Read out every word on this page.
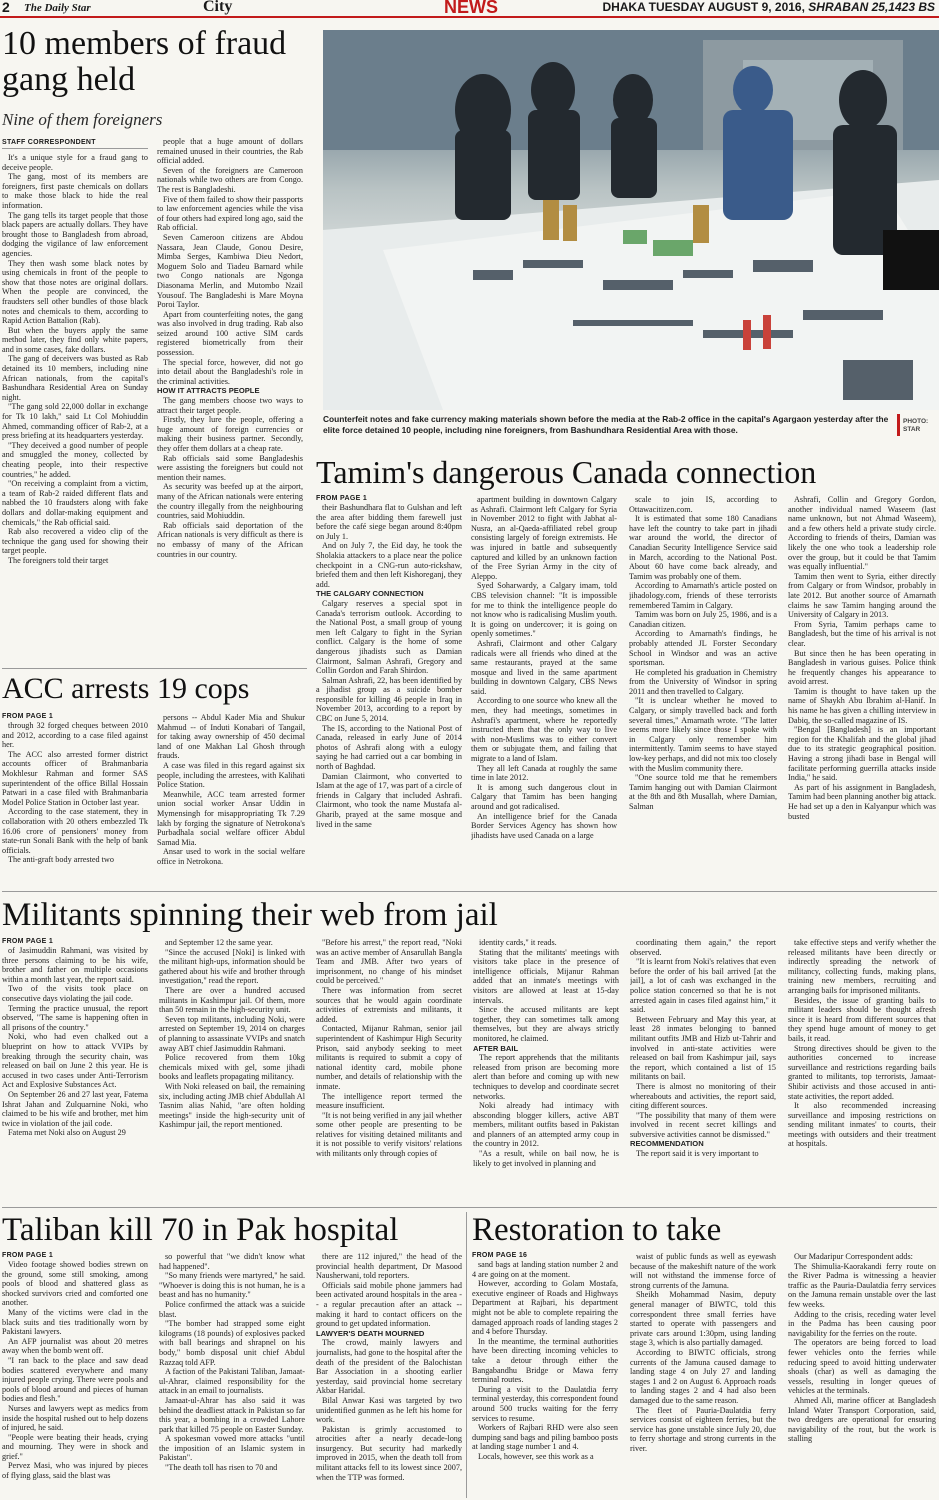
2 The Daily Star	City	NEWS	DHAKA TUESDAY AUGUST 9, 2016, SHRABAN 25,1423 BS
10 members of fraud gang held
Nine of them foreigners
STAFF CORRESPONDENT

It's a unique style for a fraud gang to deceive people.

The gang, most of its members are foreigners, first paste chemicals on dollars to make those black to hide the real information.

The gang tells its target people that those black papers are actually dollars. They have brought those to Bangladesh from abroad, dodging the vigilance of law enforcement agencies.

They then wash some black notes by using chemicals in front of the people to show that those notes are original dollars. When the people are convinced, the fraudsters sell other bundles of those black notes and chemicals to them, according to Rapid Action Battalion (Rab).

But when the buyers apply the same method later, they find only white papers, and in some cases, fake dollars.

The gang of deceivers was busted as Rab detained its 10 members, including nine African nationals, from the capital's Bashundhara Residential Area on Sunday night.

"The gang sold 22,000 dollar in exchange for Tk 10 lakh," said Lt Col Mohiuddin Ahmed, commanding officer of Rab-2, at a press briefing at its headquarters yesterday.

"They deceived a good number of people and smuggled the money, collected by cheating people, into their respective countries," he added.

"On receiving a complaint from a victim, a team of Rab-2 raided different flats and nabbed the 10 fraudsters along with fake dollars and dollar-making equipment and chemicals," the Rab official said.

Rab also recovered a video clip of the technique the gang used for showing their target people.

The foreigners told their target

people that a huge amount of dollars remained unused in their countries, the Rab official added.

Seven of the foreigners are Cameroon nationals while two others are from Congo. The rest is Bangladeshi.

Five of them failed to show their passports to law enforcement agencies while the visa of four others had expired long ago, said the Rab official.

Seven Cameroon citizens are Abdou Nassara, Jean Claude, Gonou Desire, Mimba Serges, Kambiwa Dieu Nedort, Moguem Solo and Tiadeu Barnard while two Congo nationals are Ngonga Diasonama Merlin, and Mutombo Nzail Yousouf. The Bangladeshi is Mare Moyna Poroi Taylor.

Apart from counterfeiting notes, the gang was also involved in drug trading. Rab also seized around 100 active SIM cards registered biometrically from their possession.

The special force, however, did not go into detail about the Bangladeshi's role in the criminal activities.

HOW IT ATTRACTS PEOPLE

The gang members choose two ways to attract their target people.

Firstly, they lure the people, offering a huge amount of foreign currencies or making their business partner. Secondly, they offer them dollars at a cheap rate.

Rab officials said some Bangladeshis were assisting the foreigners but could not mention their names.

As security was beefed up at the airport, many of the African nationals were entering the country illegally from the neighbouring countries, said Mohiuddin.

Rab officials said deportation of the African nationals is very difficult as there is no embassy of many of the African countries in our country.

Counterfeit notes and fake currency making materials shown before the media at the Rab-2 office in the capital's Agargaon yesterday after the elite force detained 10 people, including nine foreigners, from Bashundhara Residential Area with those.
PHOTO: STAR
Tamim's dangerous Canada connection
FROM PAGE 1

their Bashundhara flat to Gulshan and left the area after bidding them farewell just before the café siege began around 8:40pm on July 1.

And on July 7, the Eid day, he took the Sholakia attackers to a place near the police checkpoint in a CNG-run auto-rickshaw, briefed them and then left Kishoreganj, they add.

THE CALGARY CONNECTION

Calgary reserves a special spot in Canada's terrorism outlook. According to the National Post, a small group of young men left Calgary to fight in the Syrian conflict. Calgary is the home of some dangerous jihadists such as Damian Clairmont, Salman Ashrafi, Gregory and Collin Gordon and Farah Shirdon.

Salman Ashrafi, 22, has been identified by a jihadist group as a suicide bomber responsible for killing 46 people in Iraq in November 2013, according to a report by CBC on June 5, 2014.

The IS, according to the National Post of Canada, released in early June of 2014 photos of Ashrafi along with a eulogy saying he had carried out a car bombing in north of Baghdad.

Damian Clairmont, who converted to Islam at the age of 17, was part of a circle of friends in Calgary that included Ashrafi. Clairmont, who took the name Mustafa al-Gharib, prayed at the same mosque and lived in the same

apartment building in downtown Calgary as Ashrafi. Clairmont left Calgary for Syria in November 2012 to fight with Jabhat al-Nusra, an al-Qaeda-affiliated rebel group consisting largely of foreign extremists. He was injured in battle and subsequently captured and killed by an unknown faction of the Free Syrian Army in the city of Aleppo.

Syed Soharwardy, a Calgary imam, told CBS television channel: "It is impossible for me to think the intelligence people do not know who is radicalising Muslim youth. It is going on undercover; it is going on openly sometimes."

Ashrafi, Clairmont and other Calgary radicals were all friends who dined at the same restaurants, prayed at the same mosque and lived in the same apartment building in downtown Calgary, CBS News said.

According to one source who knew all the men, they had meetings, sometimes in Ashrafi's apartment, where he reportedly instructed them that the only way to live with non-Muslims was to either convert them or subjugate them, and failing that migrate to a land of Islam.

They all left Canada at roughly the same time in late 2012.

It is among such dangerous clout in Calgary that Tamim has been hanging around and got radicalised.

An intelligence brief for the Canada Border Services Agency has shown how jihadists have used Canada on a large

scale to join IS, according to Ottawacitizen.com.

It is estimated that some 180 Canadians have left the country to take part in jihadi war around the world, the director of Canadian Security Intelligence Service said in March, according to the National Post. About 60 have come back already, and Tamim was probably one of them.

According to Amarnath's article posted on jihadology.com, friends of these terrorists remembered Tamim in Calgary.

Tamim was born on July 25, 1986, and is a Canadian citizen.

According to Amarnath's findings, he probably attended JL Forster Secondary School in Windsor and was an active sportsman.

He completed his graduation in Chemistry from the University of Windsor in spring 2011 and then travelled to Calgary.

"It is unclear whether he moved to Calgary, or simply travelled back and forth several times," Amarnath wrote. "The latter seems more likely since those I spoke with in Calgary only remember him intermittently. Tamim seems to have stayed low-key perhaps, and did not mix too closely with the Muslim community there.

"One source told me that he remembers Tamim hanging out with Damian Clairmont at the 8th and 8th Musallah, where Damian, Salman

Ashrafi, Collin and Gregory Gordon, another individual named Waseem (last name unknown, but not Ahmad Waseem), and a few others held a private study circle. According to friends of theirs, Damian was likely the one who took a leadership role over the group, but it could be that Tamim was equally influential."

Tamim then went to Syria, either directly from Calgary or from Windsor, probably in late 2012. But another source of Amarnath claims he saw Tamim hanging around the University of Calgary in 2013.

From Syria, Tamim perhaps came to Bangladesh, but the time of his arrival is not clear.

But since then he has been operating in Bangladesh in various guises. Police think he frequently changes his appearance to avoid arrest.

Tamim is thought to have taken up the name of Shaykh Abu Ibrahim al-Hanif. In his name he has given a chilling interview in Dabiq, the so-called magazine of IS.

"Bengal [Bangladesh] is an important region for the Khalifah and the global jihad due to its strategic geographical position. Having a strong jihadi base in Bengal will facilitate performing guerrilla attacks inside India," he said.

As part of his assignment in Bangladesh, Tamim had been planning another big attack. He had set up a den in Kalyanpur which was busted

ACC arrests 19 cops
FROM PAGE 1

through 32 forged cheques between 2010 and 2012, according to a case filed against her.

The ACC also arrested former district accounts officer of Brahmanbaria Mokhlesur Rahman and former SAS superintendent of the office Billal Hossain Patwari in a case filed with Brahmanbaria Model Police Station in October last year.

According to the case statement, they in collaboration with 20 others embezzled Tk 16.06 crore of pensioners' money from state-run Sonali Bank with the help of bank officials.

The anti-graft body arrested two

persons -- Abdul Kader Mia and Shukur Mahmud -- of Induti Konabari of Tangail, for taking away ownership of 450 decimal land of one Makhan Lal Ghosh through frauds.

A case was filed in this regard against six people, including the arrestees, with Kalihati Police Station.

Meanwhile, ACC team arrested former union social worker Ansar Uddin in Mymensingh for misappropriating Tk 7.29 lakh by forging the signature of Netrokona's Purbadhala social welfare officer Abdul Samad Mia.

Ansar used to work in the social welfare office in Netrokona.

Militants spinning their web from jail
FROM PAGE 1

of Jasimuddin Rahmani, was visited by three persons claiming to be his wife, brother and father on multiple occasions within a month last year, the report said.

Two of the visits took place on consecutive days violating the jail code.

Terming the practice unusual, the report observed, "The same is happening often in all prisons of the country."

Noki, who had even chalked out a blueprint on how to attack VVIPs by breaking through the security chain, was released on bail on June 2 this year. He is accused in two cases under Anti-Terrorism Act and Explosive Substances Act.

On September 26 and 27 last year, Fatema Ishrat Jahan and Zulquarnine Noki, who claimed to be his wife and brother, met him twice in violation of the jail code.

Fatema met Noki also on August 29

and September 12 the same year.

"Since the accused [Noki] is linked with the militant high-ups, information should be gathered about his wife and brother through investigation," read the report.

There are over a hundred accused militants in Kashimpur jail. Of them, more than 50 remain in the high-security unit.

Seven top militants, including Noki, were arrested on September 19, 2014 on charges of planning to assassinate VVIPs and snatch away ABT chief Jasimuddin Rahmani.

Police recovered from them 10kg chemicals mixed with gel, some jihadi books and leaflets propagating militancy.

With Noki released on bail, the remaining six, including acting JMB chief Abdullah Al Tasnim alias Nahid, "are often holding meetings" inside the high-security unit of Kashimpur jail, the report mentioned.

"Before his arrest," the report read, "Noki was an active member of Ansarullah Bangla Team and JMB. After two years of imprisonment, no change of his mindset could be perceived."

There was information from secret sources that he would again coordinate activities of extremists and militants, it added.

Contacted, Mijanur Rahman, senior jail superintendent of Kashimpur High Security Prison, said anybody seeking to meet militants is required to submit a copy of national identity card, mobile phone number, and details of relationship with the inmate.

The intelligence report termed the measure insufficient.

"It is not being verified in any jail whether some other people are presenting to be relatives for visiting detained militants and it is not possible to verify visitors' relations with militants only through copies of

identity cards," it reads.

Stating that the militants' meetings with visitors take place in the presence of intelligence officials, Mijanur Rahman added that an inmate's meetings with visitors are allowed at least at 15-day intervals.

Since the accused militants are kept together, they can sometimes talk among themselves, but they are always strictly monitored, he claimed.

AFTER BAIL

The report apprehends that the militants released from prison are becoming more alert than before and coming up with new techniques to develop and coordinate secret networks.

Noki already had intimacy with absconding blogger killers, active ABT members, militant outfits based in Pakistan and planners of an attempted army coup in the country in 2012.

"As a result, while on bail now, he is likely to get involved in planning and

coordinating them again," the report observed.

"It is learnt from Noki's relatives that even before the order of his bail arrived [at the jail], a lot of cash was exchanged in the police station concerned so that he is not arrested again in cases filed against him," it said.

Between February and May this year, at least 28 inmates belonging to banned militant outfits JMB and Hizb ut-Tahrir and involved in anti-state activities were released on bail from Kashimpur jail, says the report, which contained a list of 15 militants on bail.

There is almost no monitoring of their whereabouts and activities, the report said, citing different sources.

"The possibility that many of them were involved in recent secret killings and subversive activities cannot be dismissed."

RECOMMENDATION

The report said it is very important to

take effective steps and verify whether the released militants have been directly or indirectly spreading the network of militancy, collecting funds, making plans, training new members, recruiting and arranging bails for imprisoned militants.

Besides, the issue of granting bails to militant leaders should be thought afresh since it is heard from different sources that they spend huge amount of money to get bails, it read.

Strong directives should be given to the authorities concerned to increase surveillance and restrictions regarding bails granted to militants, top terrorists, Jamaat-Shibir activists and those accused in anti-state activities, the report added.

It also recommended increasing surveillance and imposing restrictions on sending militant inmates' to courts, their meetings with outsiders and their treatment at hospitals.

Taliban kill 70 in Pak hospital
FROM PAGE 1

Video footage showed bodies strewn on the ground, some still smoking, among pools of blood and shattered glass as shocked survivors cried and comforted one another.

Many of the victims were clad in the black suits and ties traditionally worn by Pakistani lawyers.

An AFP journalist was about 20 metres away when the bomb went off.

"I ran back to the place and saw dead bodies scattered everywhere and many injured people crying. There were pools and pools of blood around and pieces of human bodies and flesh."

Nurses and lawyers wept as medics from inside the hospital rushed out to help dozens of injured, he said.

"People were beating their heads, crying and mourning. They were in shock and grief."

Pervez Masi, who was injured by pieces of flying glass, said the blast was

so powerful that "we didn't know what had happened".

"So many friends were martyred," he said. "Whoever is doing this is not human, he is a beast and has no humanity."

Police confirmed the attack was a suicide blast.

"The bomber had strapped some eight kilograms (18 pounds) of explosives packed with ball bearings and shrapnel on his body," bomb disposal unit chief Abdul Razzaq told AFP.

A faction of the Pakistani Taliban, Jamaat-ul-Ahrar, claimed responsibility for the attack in an email to journalists.

Jamaat-ul-Ahrar has also said it was behind the deadliest attack in Pakistan so far this year, a bombing in a crowded Lahore park that killed 75 people on Easter Sunday.

A spokesman vowed more attacks "until the imposition of an Islamic system in Pakistan".

"The death toll has risen to 70 and

there are 112 injured," the head of the provincial health department, Dr Masood Nausherwani, told reporters.

Officials said mobile phone jammers had been activated around hospitals in the area -- a regular precaution after an attack -- making it hard to contact officers on the ground to get updated information.

LAWYER'S DEATH MOURNED

The crowd, mainly lawyers and journalists, had gone to the hospital after the death of the president of the Balochistan Bar Association in a shooting earlier yesterday, said provincial home secretary Akbar Haridal.

Bilal Anwar Kasi was targeted by two unidentified gunmen as he left his home for work.

Pakistan is grimly accustomed to atrocities after a nearly decade-long insurgency. But security had markedly improved in 2015, when the death toll from militant attacks fell to its lowest since 2007, when the TTP was formed.

Restoration to take
FROM PAGE 16

sand bags at landing station number 2 and 4 are going on at the moment.

However, according to Golam Mostafa, executive engineer of Roads and Highways Department at Rajbari, his department might not be able to complete repairing the damaged approach roads of landing stages 2 and 4 before Thursday.

In the meantime, the terminal authorities have been directing incoming vehicles to take a detour through either the Bangabandhu Bridge or Mawa ferry terminal routes.

During a visit to the Daulatdia ferry terminal yesterday, this correspondent found around 500 trucks waiting for the ferry services to resume.

Workers of Rajbari RHD were also seen dumping sand bags and piling bamboo posts at landing stage number 1 and 4.

Locals, however, see this work as a

waist of public funds as well as eyewash because of the makeshift nature of the work will not withstand the immense force of strong currents of the Jamuna.

Sheikh Mohammad Nasim, deputy general manager of BIWTC, told this correspondent three small ferries have started to operate with passengers and private cars around 1:30pm, using landing stage 3, which is also partially damaged.

According to BIWTC officials, strong currents of the Jamuna caused damage to landing stage 4 on July 27 and landing stages 1 and 2 on August 6. Approach roads to landing stages 2 and 4 had also been damaged due to the same reason.

The fleet of Pauria-Daulatdia ferry services consist of eighteen ferries, but the service has gone unstable since July 20, due to ferry shortage and strong currents in the river.

Our Madaripur Correspondent adds:

The Shimulia-Kaorakandi ferry route on the River Padma is witnessing a heavier traffic as the Pauria-Daulatdia ferry services on the Jamuna remain unstable over the last few weeks.

Adding to the crisis, receding water level in the Padma has been causing poor navigability for the ferries on the route.

The operators are being forced to load fewer vehicles onto the ferries while reducing speed to avoid hitting underwater shoals (char) as well as damaging the vessels, resulting in longer queues of vehicles at the terminals.

Ahmed Ali, marine officer at Bangladesh Inland Water Transport Corporation, said, two dredgers are operational for ensuring navigability of the rout, but the work is stalling
